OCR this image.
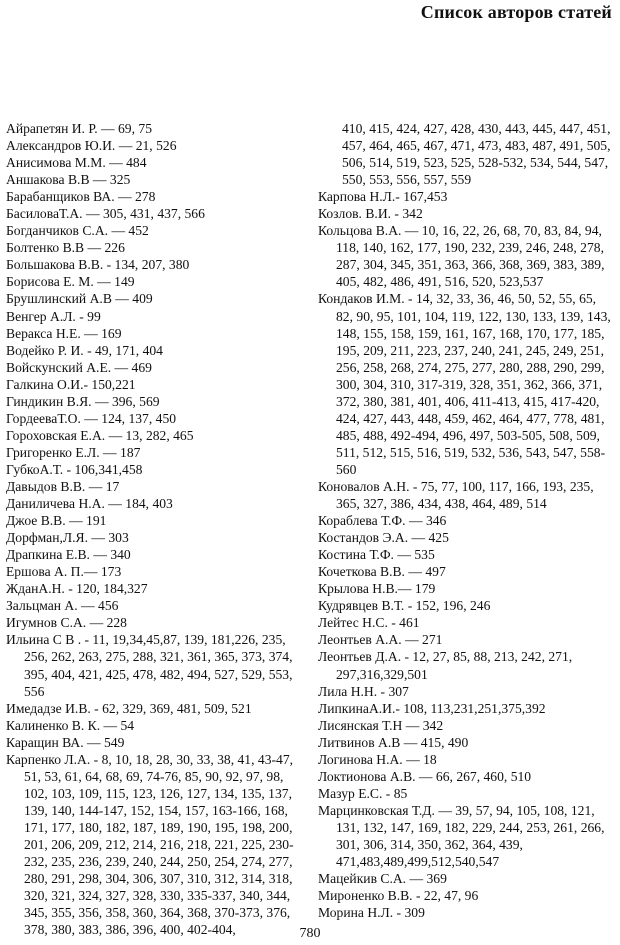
Список авторов статей

Айрапетян И. Р. — 69, 75

Александров Ю.И. — 21, 526

Анисимова М.М. — 484

Аншакова В.В — 325

Барабанщиков ВА. — 278

БасиловаТ.А. — 305, 431, 437, 566

Богданчиков С.А. — 452

Болтенко В.В — 226

Большакова В.В. - 134, 207, 380

Борисова Е. М. — 149

Брушлинский А.В — 409

Венгер А.Л. - 99

Веракса Н.Е. — 169

Водейко Р. И. - 49, 171, 404

Войскунский А.Е. — 469

Галкина О.И.- 150,221

Гиндикин В.Я. — 396, 569

ГордееваТ.О. — 124, 137, 450

Гороховская Е.А. — 13, 282, 465

Григоренко Е.Л. — 187

ГубкоА.Т. - 106,341,458

Давыдов В.В. — 17

Даниличева Н.А. — 184, 403

Джое В.В. — 191

Дорфман,Л.Я. — 303

Драпкина Е.В. — 340

Ершова А. П.— 173

ЖданА.Н. - 120, 184,327

Зальцман А. — 456

Игумнов С.А. — 228

Ильина С В . - 11, 19,34,45,87, 139, 181,226, 235, 256, 262, 263, 275, 288, 321, 361, 365, 373, 374, 395, 404, 421, 425, 478, 482, 494, 527, 529, 553, 556

Имедадзе И.В. - 62, 329, 369, 481, 509, 521

Калиненко В. К. — 54

Каращин ВА. — 549

Карпенко Л.А. - 8, 10, 18, 28, 30, 33, 38, 41, 43-47, 51, 53, 61, 64, 68, 69, 74-76, 85, 90, 92, 97, 98, 102, 103, 109, 115, 123, 126, 127, 134, 135, 137, 139, 140, 144-147, 152, 154, 157, 163-166, 168, 171, 177, 180, 182, 187, 189, 190, 195, 198, 200, 201, 206, 209, 212, 214, 216, 218, 221, 225, 230-232, 235, 236, 239, 240, 244, 250, 254, 274, 277, 280, 291, 298, 304, 306, 307, 310, 312, 314, 318, 320, 321, 324, 327, 328, 330, 335-337, 340, 344, 345, 355, 356, 358, 360, 364, 368, 370-373, 376, 378, 380, 383, 386, 396, 400, 402-404,

410, 415, 424, 427, 428, 430, 443, 445, 447, 451, 457, 464, 465, 467, 471, 473, 483, 487, 491, 505, 506, 514, 519, 523, 525, 528-532, 534, 544, 547, 550, 553, 556, 557, 559

Карпова Н.Л.- 167,453

Козлов. В.И. - 342

Кольцова В.А. — 10, 16, 22, 26, 68, 70, 83, 84, 94, 118, 140, 162, 177, 190, 232, 239, 246, 248, 278, 287, 304, 345, 351, 363, 366, 368, 369, 383, 389, 405, 482, 486, 491, 516, 520, 523,537

Кондаков И.М. - 14, 32, 33, 36, 46, 50, 52, 55, 65, 82, 90, 95, 101, 104, 119, 122, 130, 133, 139, 143, 148, 155, 158, 159, 161, 167, 168, 170, 177, 185, 195, 209, 211, 223, 237, 240, 241, 245, 249, 251, 256, 258, 268, 274, 275, 277, 280, 288, 290, 299, 300, 304, 310, 317-319, 328, 351, 362, 366, 371, 372, 380, 381, 401, 406, 411-413, 415, 417-420, 424, 427, 443, 448, 459, 462, 464, 477, 778, 481, 485, 488, 492-494, 496, 497, 503-505, 508, 509, 511, 512, 515, 516, 519, 532, 536, 543, 547, 558-560

Коновалов А.Н. - 75, 77, 100, 117, 166, 193, 235, 365, 327, 386, 434, 438, 464, 489, 514

Кораблева Т.Ф. — 346

Костандов Э.А. — 425

Костина Т.Ф. — 535

Кочеткова В.В. — 497

Крылова Н.В.— 179

Кудрявцев В.Т. - 152, 196, 246

Лейтес Н.С. - 461

Леонтьев А.А. — 271

Леонтьев Д.А. - 12, 27, 85, 88, 213, 242, 271, 297,316,329,501

Лила Н.Н. - 307

ЛипкинаА.И.- 108, 113,231,251,375,392

Лисянская Т.Н — 342

Литвинов А.В — 415, 490

Логинова Н.А. — 18

Локтионова А.В. — 66, 267, 460, 510

Мазур Е.С. - 85

Марцинковская Т.Д. — 39, 57, 94, 105, 108, 121, 131, 132, 147, 169, 182, 229, 244, 253, 261, 266, 301, 306, 314, 350, 362, 364, 439, 471,483,489,499,512,540,547

Мацейкив С.А. — 369

Мироненко В.В. - 22, 47, 96

Морина Н.Л. - 309

780
